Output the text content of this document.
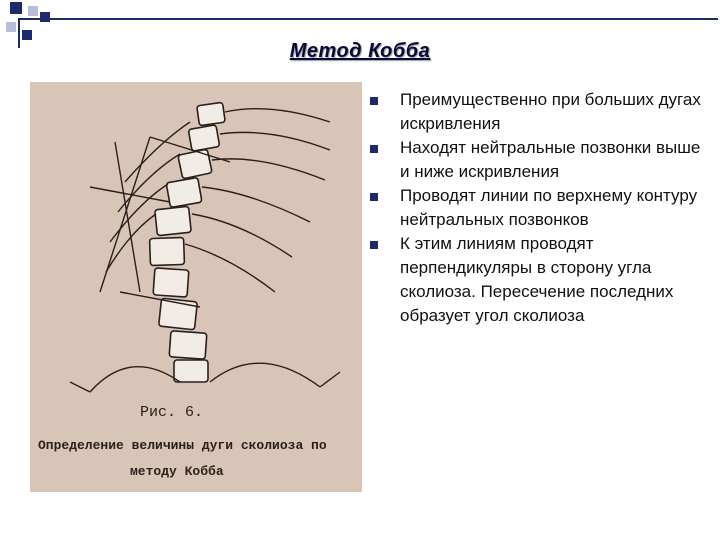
Метод Кобба
Рис. 6.
Определение величины дуги сколиоза по
методу Кобба
Преимущественно при больших дугах искривления
Находят нейтральные позвонки выше и ниже искривления
Проводят линии по верхнему контуру нейтральных позвонков
К этим линиям проводят перпендикуляры в сторону угла сколиоза. Пересечение последних образует угол сколиоза
